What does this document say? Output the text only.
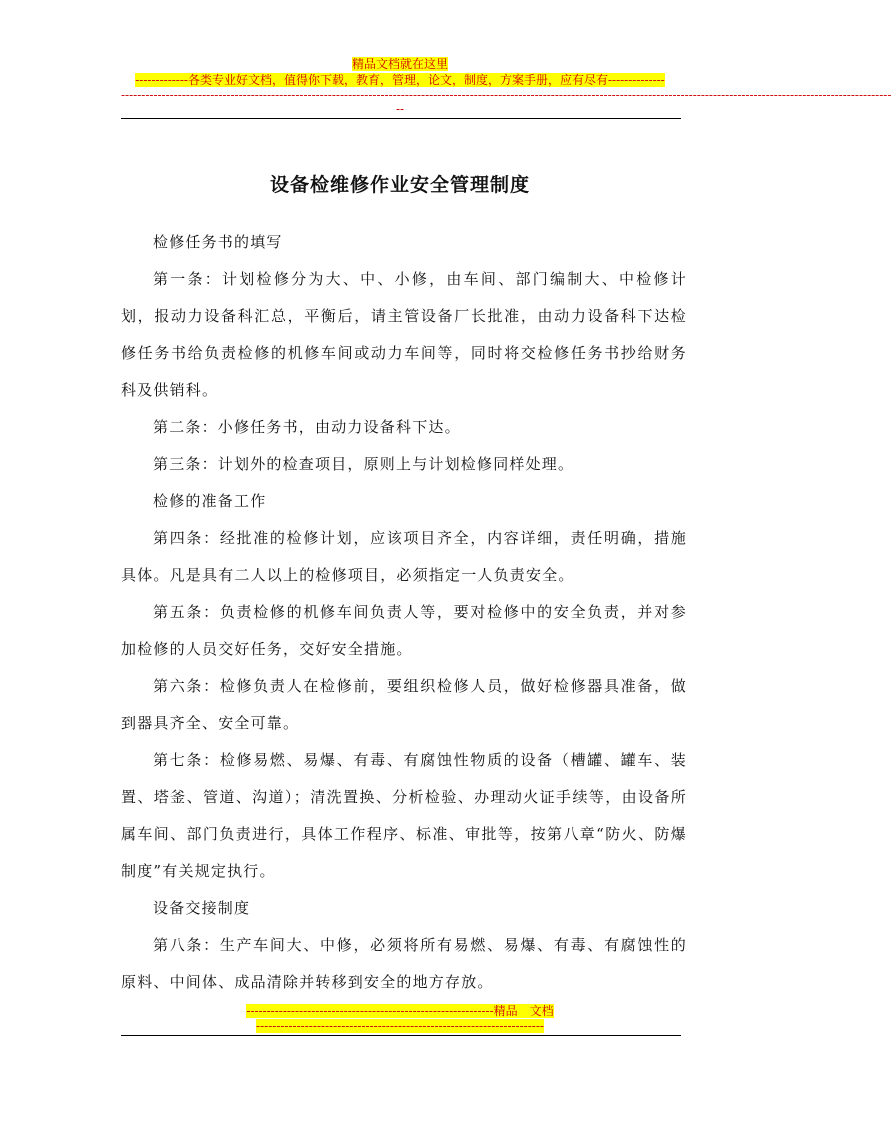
精品文档就在这里
-------------各类专业好文档，值得你下载，教育，管理，论文，制度，方案手册，应有尽有--------------
----------------------------------------------------------------------------------------------------------------------------------------------------------------------------------------------
--
设备检维修作业安全管理制度

检修任务书的填写

第一条：计划检修分为大、中、小修，由车间、部门编制大、中检修计划，报动力设备科汇总，平衡后，请主管设备厂长批准，由动力设备科下达检修任务书给负责检修的机修车间或动力车间等，同时将交检修任务书抄给财务科及供销科。

第二条：小修任务书，由动力设备科下达。

第三条：计划外的检查项目，原则上与计划检修同样处理。

检修的准备工作

第四条：经批准的检修计划，应该项目齐全，内容详细，责任明确，措施具体。凡是具有二人以上的检修项目，必须指定一人负责安全。

第五条：负责检修的机修车间负责人等，要对检修中的安全负责，并对参加检修的人员交好任务，交好安全措施。

第六条：检修负责人在检修前，要组织检修人员，做好检修器具准备，做到器具齐全、安全可靠。

第七条：检修易燃、易爆、有毒、有腐蚀性物质的设备（槽罐、罐车、装置、塔釜、管道、沟道）；清洗置换、分析检验、办理动火证手续等，由设备所属车间、部门负责进行，具体工作程序、标准、审批等，按第八章“防火、防爆制度”有关规定执行。

设备交接制度

第八条：生产车间大、中修，必须将所有易燃、易爆、有毒、有腐蚀性的原料、中间体、成品清除并转移到安全的地方存放。

-------------------------------------------------------------精品　文档
-----------------------------------------------------------------------
